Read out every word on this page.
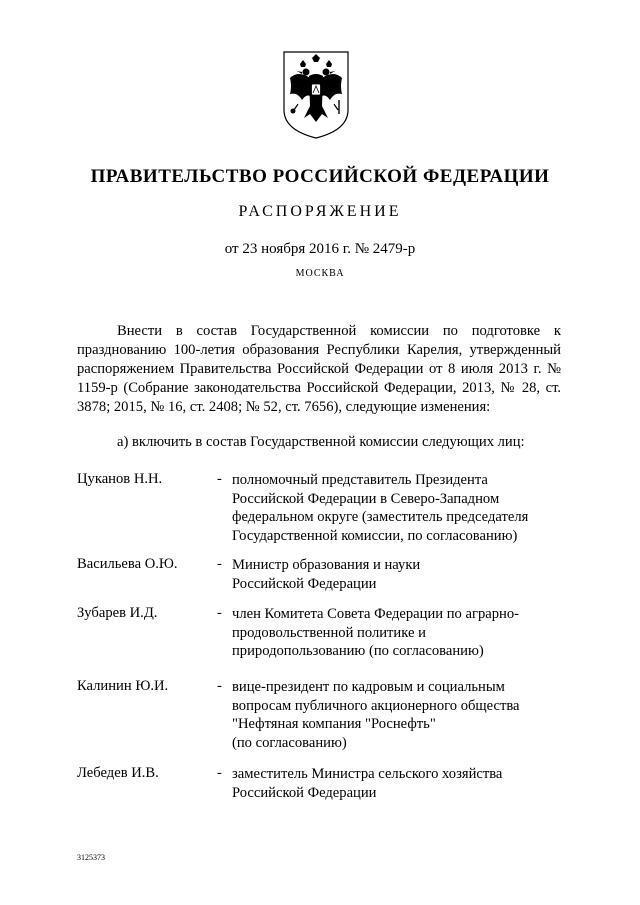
ПРАВИТЕЛЬСТВО РОССИЙСКОЙ ФЕДЕРАЦИИ
РАСПОРЯЖЕНИЕ
от 23 ноября 2016 г. № 2479-р
МОСКВА
Внести в состав Государственной комиссии по подготовке к празднованию 100-летия образования Республики Карелия, утвержденный распоряжением Правительства Российской Федерации от 8 июля 2013 г. № 1159-р (Собрание законодательства Российской Федерации, 2013, № 28, ст. 3878; 2015, № 16, ст. 2408; № 52, ст. 7656), следующие изменения:
а) включить в состав Государственной комиссии следующих лиц:
Цуканов Н.Н.	- полномочный представитель Президента
Российской Федерации в Северо-Западном
федеральном округе (заместитель председателя
Государственной комиссии, по согласованию)
Васильева О.Ю.	- Министр образования и науки
Российской Федерации
Зубарев И.Д.	- член Комитета Совета Федерации по аграрно-
продовольственной политике и
природопользованию (по согласованию)
Калинин Ю.И.	- вице-президент по кадровым и социальным
вопросам публичного акционерного общества
"Нефтяная компания "Роснефть"
(по согласованию)
Лебедев И.В.	- заместитель Министра сельского хозяйства
Российской Федерации
3125373
